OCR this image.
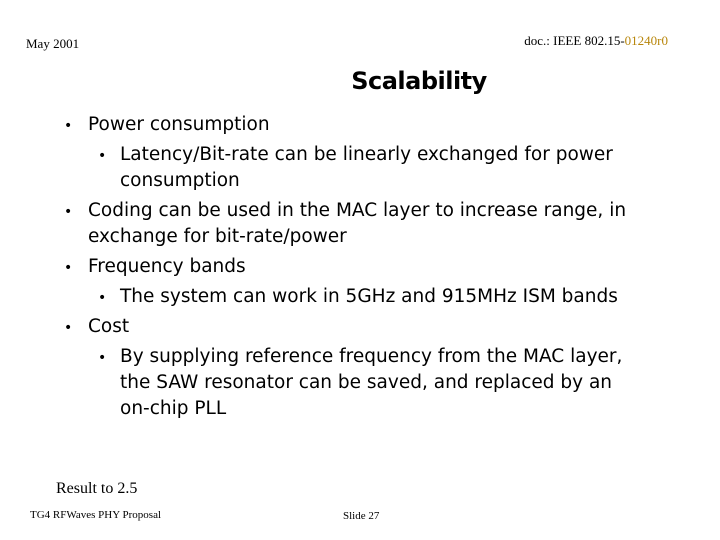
May 2001	doc.: IEEE 802.15-01240r0
Scalability
• Power consumption
• Latency/Bit-rate can be linearly exchanged for power consumption
• Coding can be used in the MAC layer to increase range, in exchange for bit-rate/power
• Frequency bands
• The system can work in 5GHz and 915MHz ISM bands
• Cost
• By supplying reference frequency from the MAC layer, the SAW resonator can be saved, and replaced by an on-chip PLL
Result to 2.5
TG4 RFWaves PHY Proposal	Slide 27
